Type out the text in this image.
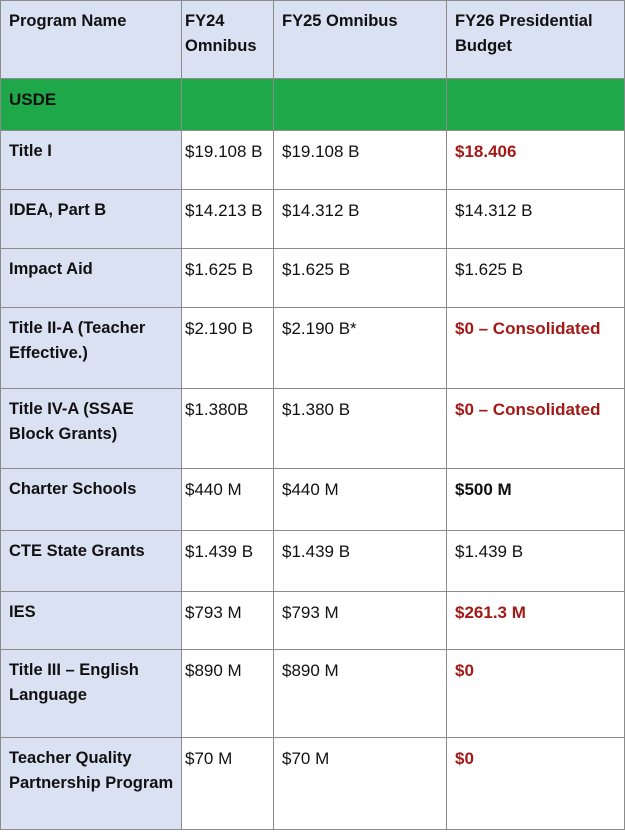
Program Name	FY24 Omnibus	FY25 Omnibus	FY26 Presidential Budget
USDE			
Title I	$19.108 B	$19.108 B	$18.406
IDEA, Part B	$14.213 B	$14.312 B	$14.312 B
Impact Aid	$1.625 B	$1.625 B	$1.625 B
Title II-A (Teacher Effective.)	$2.190 B	$2.190 B*	$0 – Consolidated
Title IV-A (SSAE Block Grants)	$1.380B	$1.380 B	$0 – Consolidated
Charter Schools	$440 M	$440 M	$500 M
CTE State Grants	$1.439 B	$1.439 B	$1.439 B
IES	$793 M	$793 M	$261.3 M
Title III – English Language	$890 M	$890 M	$0
Teacher Quality Partnership Program	$70 M	$70 M	$0
